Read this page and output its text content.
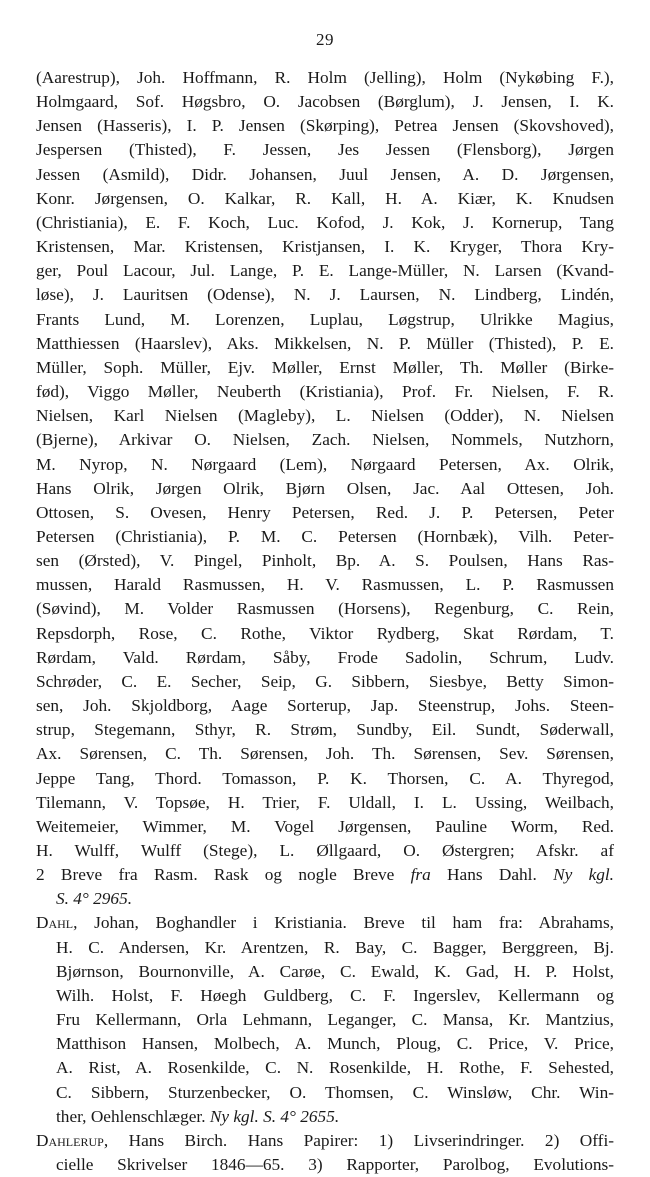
29
(Aarestrup), Joh. Hoffmann, R. Holm (Jelling), Holm (Nykøbing F.),
Holmgaard, Sof. Høgsbro, O. Jacobsen (Børglum), J. Jensen, I. K.
Jensen (Hasseris), I. P. Jensen (Skørping), Petrea Jensen (Skovshoved),
Jespersen (Thisted), F. Jessen, Jes Jessen (Flensborg), Jørgen
Jessen (Asmild), Didr. Johansen, Juul Jensen, A. D. Jørgensen,
Konr. Jørgensen, O. Kalkar, R. Kall, H. A. Kiær, K. Knudsen
(Christiania), E. F. Koch, Luc. Kofod, J. Kok, J. Kornerup, Tang
Kristensen, Mar. Kristensen, Kristjansen, I. K. Kryger, Thora Kry-
ger, Poul Lacour, Jul. Lange, P. E. Lange-Müller, N. Larsen (Kvand-
løse), J. Lauritsen (Odense), N. J. Laursen, N. Lindberg, Lindén,
Frants Lund, M. Lorenzen, Luplau, Løgstrup, Ulrikke Magius,
Matthiessen (Haarslev), Aks. Mikkelsen, N. P. Müller (Thisted), P. E.
Müller, Soph. Müller, Ejv. Møller, Ernst Møller, Th. Møller (Birke-
fød), Viggo Møller, Neuberth (Kristiania), Prof. Fr. Nielsen, F. R.
Nielsen, Karl Nielsen (Magleby), L. Nielsen (Odder), N. Nielsen
(Bjerne), Arkivar O. Nielsen, Zach. Nielsen, Nommels, Nutzhorn,
M. Nyrop, N. Nørgaard (Lem), Nørgaard Petersen, Ax. Olrik,
Hans Olrik, Jørgen Olrik, Bjørn Olsen, Jac. Aal Ottesen, Joh.
Ottosen, S. Ovesen, Henry Petersen, Red. J. P. Petersen, Peter
Petersen (Christiania), P. M. C. Petersen (Hornbæk), Vilh. Peter-
sen (Ørsted), V. Pingel, Pinholt, Bp. A. S. Poulsen, Hans Ras-
mussen, Harald Rasmussen, H. V. Rasmussen, L. P. Rasmussen
(Søvind), M. Volder Rasmussen (Horsens), Regenburg, C. Rein,
Repsdorph, Rose, C. Rothe, Viktor Rydberg, Skat Rørdam, T.
Rørdam, Vald. Rørdam, Såby, Frode Sadolin, Schrum, Ludv.
Schrøder, C. E. Secher, Seip, G. Sibbern, Siesbye, Betty Simon-
sen, Joh. Skjoldborg, Aage Sorterup, Jap. Steenstrup, Johs. Steen-
strup, Stegemann, Sthyr, R. Strøm, Sundby, Eil. Sundt, Søderwall,
Ax. Sørensen, C. Th. Sørensen, Joh. Th. Sørensen, Sev. Sørensen,
Jeppe Tang, Thord. Tomasson, P. K. Thorsen, C. A. Thyregod,
Tilemann, V. Topsøe, H. Trier, F. Uldall, I. L. Ussing, Weilbach,
Weitemeier, Wimmer, M. Vogel Jørgensen, Pauline Worm, Red.
H. Wulff, Wulff (Stege), L. Øllgaard, O. Østergren; Afskr. af
2 Breve fra Rasm. Rask og nogle Breve fra Hans Dahl. Ny kgl.
S. 4° 2965.
Dahl, Johan, Boghandler i Kristiania. Breve til ham fra: Abrahams,
H. C. Andersen, Kr. Arentzen, R. Bay, C. Bagger, Berggreen, Bj.
Bjørnson, Bournonville, A. Carøe, C. Ewald, K. Gad, H. P. Holst,
Wilh. Holst, F. Høegh Guldberg, C. F. Ingerslev, Kellermann og
Fru Kellermann, Orla Lehmann, Leganger, C. Mansa, Kr. Mantzius,
Matthison Hansen, Molbech, A. Munch, Ploug, C. Price, V. Price,
A. Rist, A. Rosenkilde, C. N. Rosenkilde, H. Rothe, F. Sehested,
C. Sibbern, Sturzenbecker, O. Thomsen, C. Winsløw, Chr. Win-
ther, Oehlenschlæger. Ny kgl. S. 4° 2655.
Dahlerup, Hans Birch. Hans Papirer: 1) Livserindringer. 2) Offi-
cielle Skrivelser 1846—65. 3) Rapporter, Parolbog, Evolutions-
